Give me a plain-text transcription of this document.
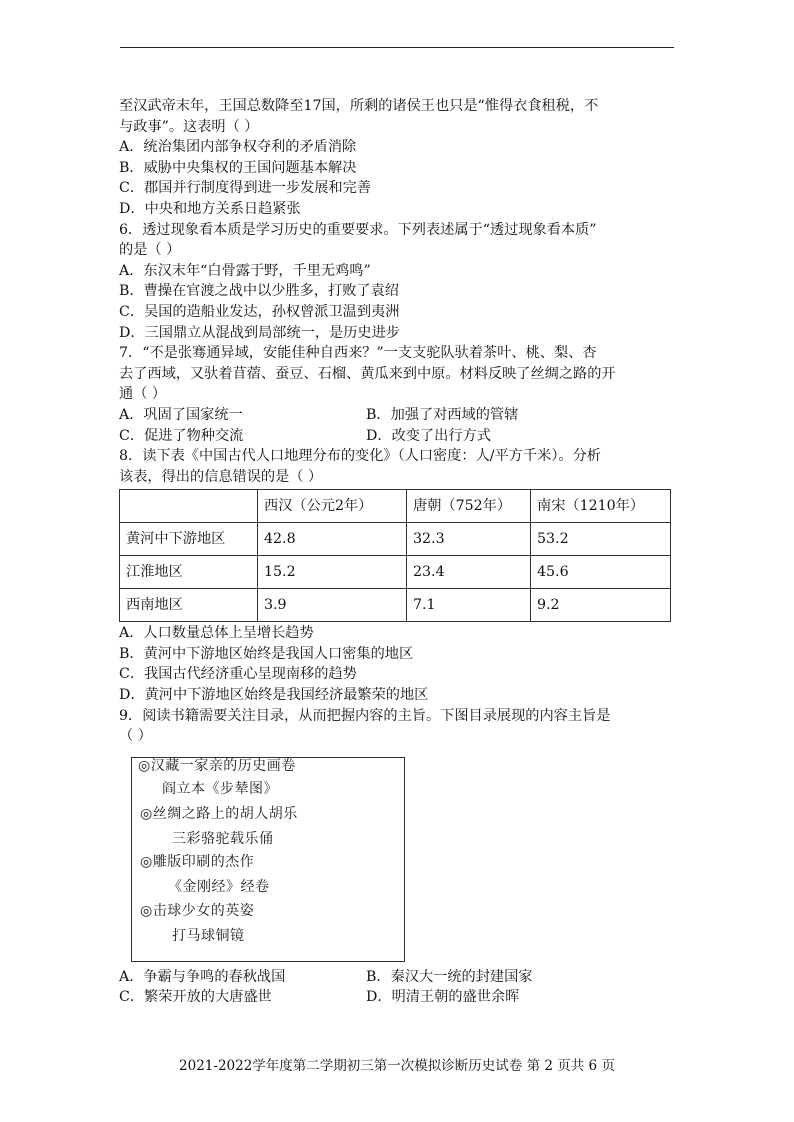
至汉武帝末年，王国总数降至17国，所剩的诸侯王也只是“惟得衣食租税，不
与政事”。这表明（ ）
A．统治集团内部争权夺利的矛盾消除
B．威胁中央集权的王国问题基本解决
C．郡国并行制度得到进一步发展和完善
D．中央和地方关系日趋紧张
6．透过现象看本质是学习历史的重要要求。下列表述属于“透过现象看本质”
的是（ ）
A．东汉末年“白骨露于野，千里无鸡鸣”
B．曹操在官渡之战中以少胜多，打败了袁绍
C．吴国的造船业发达，孙权曾派卫温到夷洲
D．三国鼎立从混战到局部统一，是历史进步
7．“不是张骞通异域，安能佳种自西来？”一支支驼队驮着茶叶、桃、梨、杏
去了西域，又驮着苜蓿、蚕豆、石榴、黄瓜来到中原。材料反映了丝绸之路的开
通（ ）
A．巩固了国家统一	B．加强了对西域的管辖
C．促进了物种交流	D．改变了出行方式
8．读下表《中国古代人口地理分布的变化》（人口密度：人/平方千米）。分析
该表，得出的信息错误的是（ ）
	西汉（公元2年）	唐朝（752年）	南宋（1210年）
黄河中下游地区	42.8	32.3	53.2
江淮地区	15.2	23.4	45.6
西南地区	3.9	7.1	9.2
A．人口数量总体上呈增长趋势
B．黄河中下游地区始终是我国人口密集的地区
C．我国古代经济重心呈现南移的趋势
D．黄河中下游地区始终是我国经济最繁荣的地区
9．阅读书籍需要关注目录，从而把握内容的主旨。下图目录展现的内容主旨是
（ ）
◎汉藏一家亲的历史画卷
阎立本《步辇图》
◎丝绸之路上的胡人胡乐
三彩骆驼载乐俑
◎雕版印刷的杰作
《金刚经》经卷
◎击球少女的英姿
打马球铜镜
A．争霸与争鸣的春秋战国	B．秦汉大一统的封建国家
C．繁荣开放的大唐盛世	D．明清王朝的盛世余晖
2021-2022学年度第二学期初三第一次模拟诊断历史试卷 第 2 页共 6 页
